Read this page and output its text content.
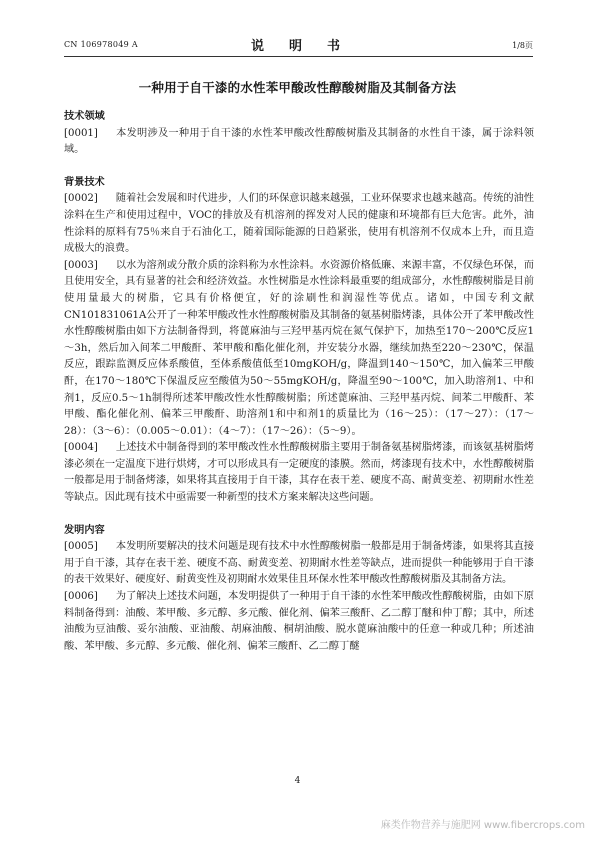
CN 106978049 A	说　明　书	1/8页
一种用于自干漆的水性苯甲酸改性醇酸树脂及其制备方法

技术领域

[0001] 本发明涉及一种用于自干漆的水性苯甲酸改性醇酸树脂及其制备的水性自干漆，属于涂料领域。

背景技术

[0002] 随着社会发展和时代进步，人们的环保意识越来越强，工业环保要求也越来越高。传统的油性涂料在生产和使用过程中，VOC的排放及有机溶剂的挥发对人民的健康和环境都有巨大危害。此外，油性涂料的原料有75％来自于石油化工，随着国际能源的日趋紧张，使用有机溶剂不仅成本上升，而且造成极大的浪费。

[0003] 以水为溶剂或分散介质的涂料称为水性涂料。水资源价格低廉、来源丰富，不仅绿色环保，而且使用安全，具有显著的社会和经济效益。水性树脂是水性涂料最重要的组成部分，水性醇酸树脂是目前使用量最大的树脂，它具有价格便宜，好的涂刷性和润湿性等优点。诸如，中国专利文献CN101831061A公开了一种苯甲酸改性水性醇酸树脂及其制备的氨基树脂烤漆，具体公开了苯甲酸改性水性醇酸树脂由如下方法制备得到，将蓖麻油与三羟甲基丙烷在氮气保护下，加热至170～200℃反应1～3h，然后加入间苯二甲酸酐、苯甲酸和酯化催化剂，并安装分水器，继续加热至220～230℃，保温反应，跟踪监测反应体系酸值，至体系酸值低至10mgKOH/g，降温到140～150℃，加入偏苯三甲酸酐，在170～180℃下保温反应至酸值为50～55mgKOH/g，降温至90～100℃，加入助溶剂1、中和剂1，反应0.5～1h制得所述苯甲酸改性水性醇酸树脂；所述蓖麻油、三羟甲基丙烷、间苯二甲酸酐、苯甲酸、酯化催化剂、偏苯三甲酸酐、助溶剂1和中和剂1的质量比为（16～25）：（17～27）：（17～28）：（3～6）：（0.005～0.01）：（4～7）：（17～26）：（5～9）。

[0004] 上述技术中制备得到的苯甲酸改性水性醇酸树脂主要用于制备氨基树脂烤漆，而该氨基树脂烤漆必须在一定温度下进行烘烤，才可以形成具有一定硬度的漆膜。然而，烤漆现有技术中，水性醇酸树脂一般都是用于制备烤漆，如果将其直接用于自干漆，其存在表干差、硬度不高、耐黄变差、初期耐水性差等缺点。因此现有技术中亟需要一种新型的技术方案来解决这些问题。

发明内容

[0005] 本发明所要解决的技术问题是现有技术中水性醇酸树脂一般都是用于制备烤漆，如果将其直接用于自干漆，其存在表干差、硬度不高、耐黄变差、初期耐水性差等缺点，进而提供一种能够用于自干漆的表干效果好、硬度好、耐黄变性及初期耐水效果佳且环保水性苯甲酸改性醇酸树脂及其制备方法。

[0006] 为了解决上述技术问题，本发明提供了一种用于自干漆的水性苯甲酸改性醇酸树脂，由如下原料制备得到：油酸、苯甲酸、多元醇、多元酸、催化剂、偏苯三酸酐、乙二醇丁醚和仲丁醇；其中，所述油酸为豆油酸、妥尔油酸、亚油酸、胡麻油酸、桐胡油酸、脱水蓖麻油酸中的任意一种或几种；所述油酸、苯甲酸、多元醇、多元酸、催化剂、偏苯三酸酐、乙二醇丁醚

4
麻类作物营养与施肥网 www.fibercrops.com
